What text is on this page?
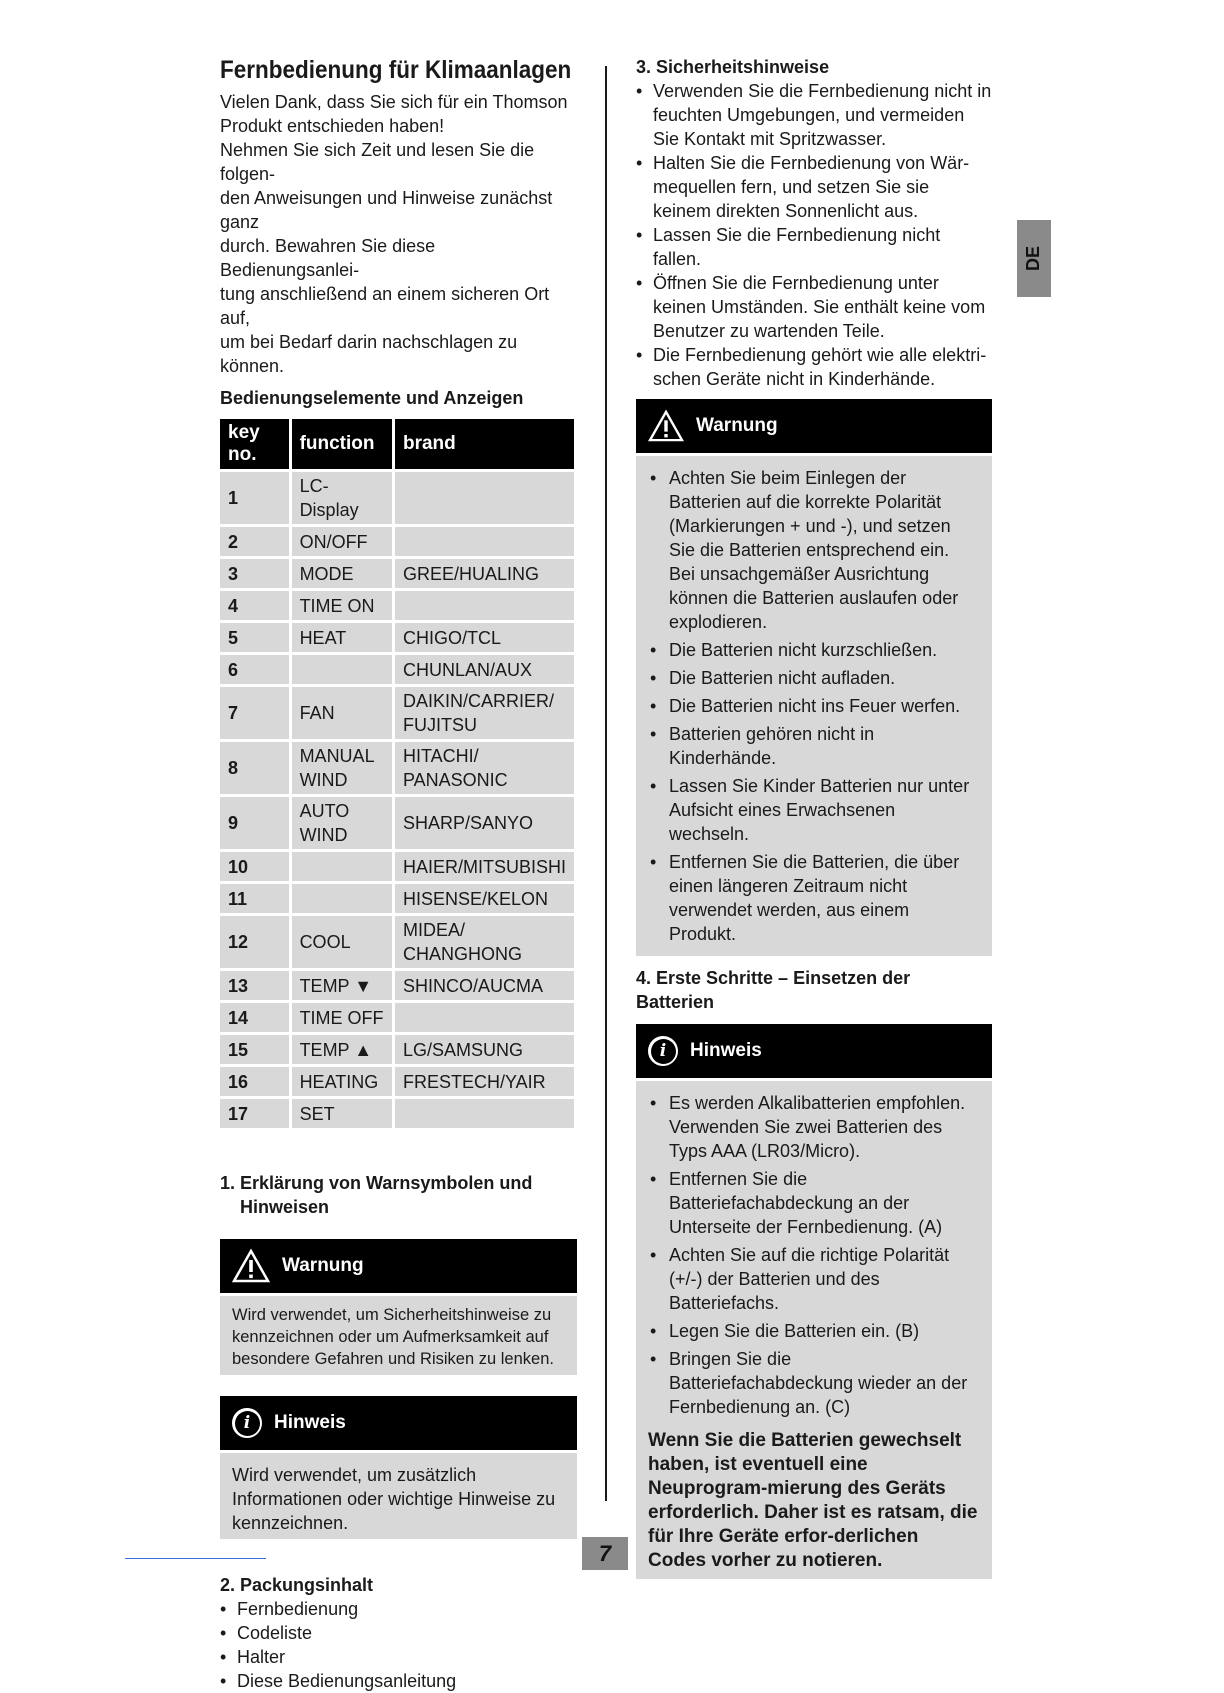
Fernbedienung für Klimaanlagen

Vielen Dank, dass Sie sich für ein Thomson

Produkt entschieden haben!

Nehmen Sie sich Zeit und lesen Sie die folgen-

den Anweisungen und Hinweise zunächst ganz

durch. Bewahren Sie diese Bedienungsanlei-

tung anschließend an einem sicheren Ort auf,

um bei Bedarf darin nachschlagen zu können.

Bedienungselemente und Anzeigen
key no.	function	brand
1	LC-Display	
2	ON/OFF	
3	MODE	GREE/HUALING
4	TIME ON	
5	HEAT	CHIGO/TCL
6		CHUNLAN/AUX
7	FAN	DAIKIN/CARRIER/ FUJITSU
8	MANUAL WIND	HITACHI/ PANASONIC
9	AUTO WIND	SHARP/SANYO
10		HAIER/MITSUBISHI
11		HISENSE/KELON
12	COOL	MIDEA/ CHANGHONG
13	TEMP ▼	SHINCO/AUCMA
14	TIME OFF	
15	TEMP ▲	LG/SAMSUNG
16	HEATING	FRESTECH/YAIR
17	SET	
1. Erklärung von Warnsymbolen und
Hinweisen
Warnung
Wird verwendet, um Sicherheitshinweise zu
kennzeichnen oder um Aufmerksamkeit auf
besondere Gefahren und Risiken zu lenken.
i	Hinweis
Wird verwendet, um zusätzlich
Informationen oder wichtige Hinweise zu
kennzeichnen.
2. Packungsinhalt
• Fernbedienung
• Codeliste
• Halter
• Diese Bedienungsanleitung
3. Sicherheitshinweise
• Verwenden Sie die Fernbedienung nicht in feuchten Umgebungen, und vermeiden Sie Kontakt mit Spritzwasser.
• Halten Sie die Fernbedienung von Wär-mequellen fern, und setzen Sie sie keinem direkten Sonnenlicht aus.
• Lassen Sie die Fernbedienung nicht fallen.
• Öffnen Sie die Fernbedienung unter keinen Umständen. Sie enthält keine vom Benutzer zu wartenden Teile.
• Die Fernbedienung gehört wie alle elektri-schen Geräte nicht in Kinderhände.
Warnung
• Achten Sie beim Einlegen der Batterien auf die korrekte Polarität (Markierungen + und -), und setzen Sie die Batterien entsprechend ein. Bei unsachgemäßer Ausrichtung können die Batterien auslaufen oder explodieren.
• Die Batterien nicht kurzschließen.
• Die Batterien nicht aufladen.
• Die Batterien nicht ins Feuer werfen.
• Batterien gehören nicht in Kinderhände.
• Lassen Sie Kinder Batterien nur unter Aufsicht eines Erwachsenen wechseln.
• Entfernen Sie die Batterien, die über einen längeren Zeitraum nicht verwendet werden, aus einem Produkt.
4. Erste Schritte – Einsetzen der Batterien
i	Hinweis
• Es werden Alkalibatterien empfohlen. Verwenden Sie zwei Batterien des Typs AAA (LR03/Micro).
• Entfernen Sie die Batteriefachabdeckung an der Unterseite der Fernbedienung. (A)
• Achten Sie auf die richtige Polarität (+/-) der Batterien und des Batteriefachs.
• Legen Sie die Batterien ein. (B)
• Bringen Sie die Batteriefachabdeckung wieder an der Fernbedienung an. (C)
Wenn Sie die Batterien gewechselt haben, ist eventuell eine Neuprogram-mierung des Geräts erforderlich. Daher ist es ratsam, die für Ihre Geräte erfor-derlichen Codes vorher zu notieren.
DE
7
